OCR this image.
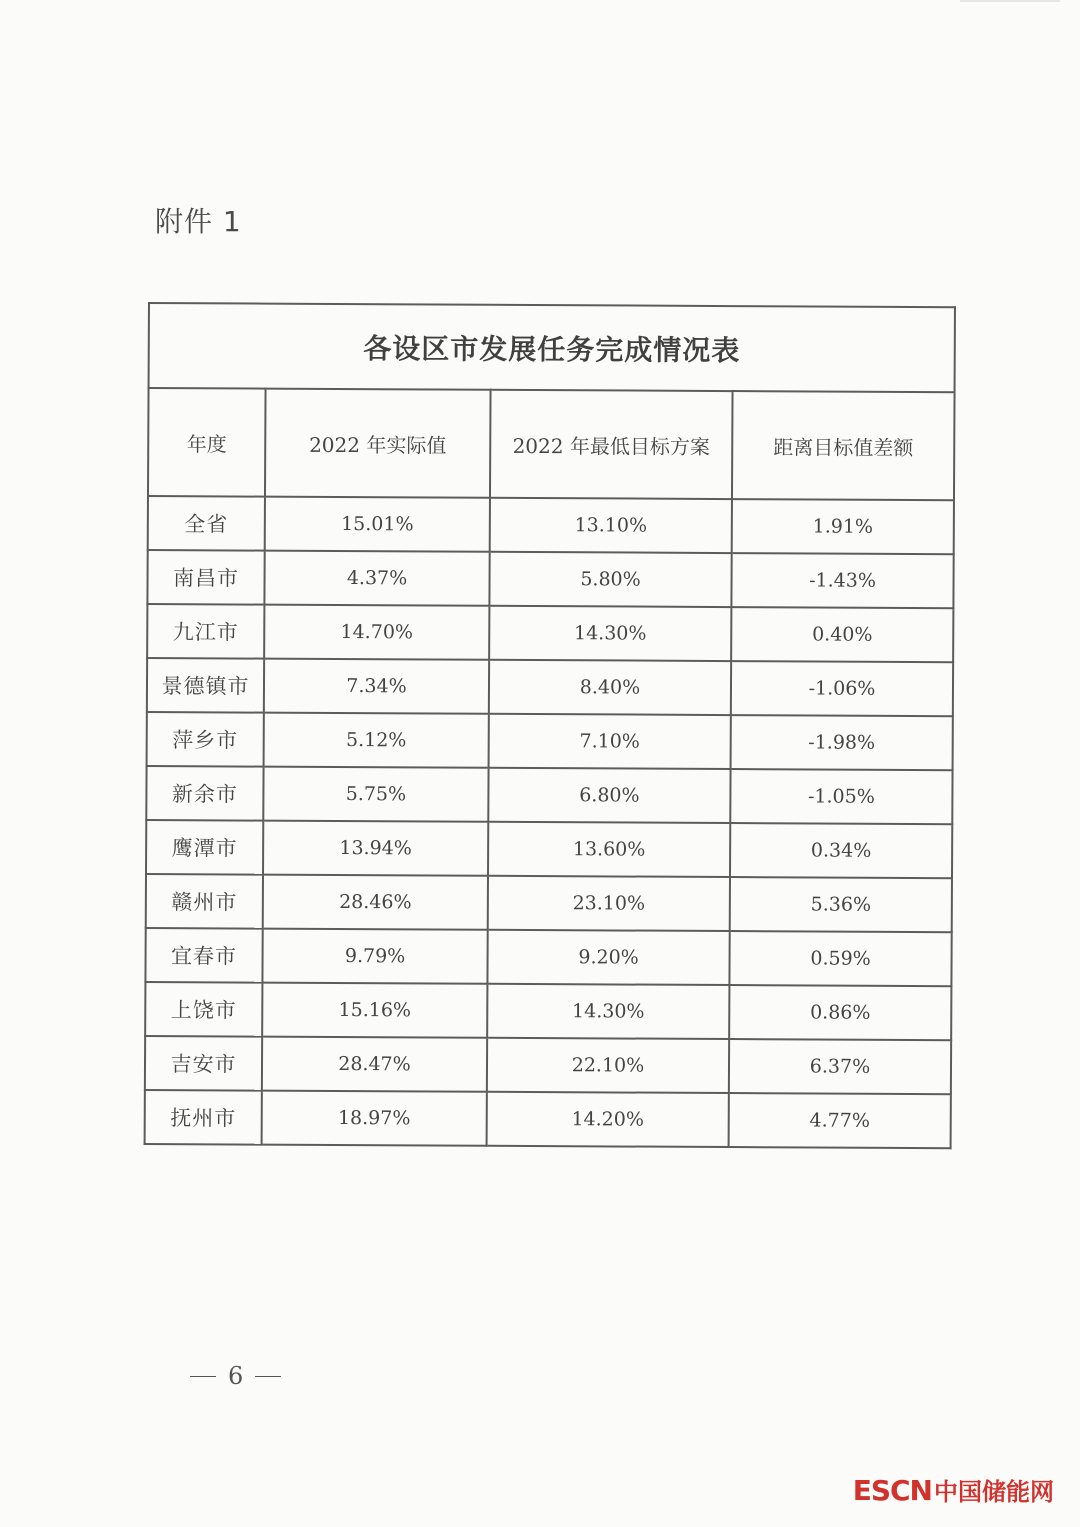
附件 1
各设区市发展任务完成情况表			
年度	2022 年实际值	2022 年最低目标方案	距离目标值差额
全省	15.01%	13.10%	1.91%
南昌市	4.37%	5.80%	-1.43%
九江市	14.70%	14.30%	0.40%
景德镇市	7.34%	8.40%	-1.06%
萍乡市	5.12%	7.10%	-1.98%
新余市	5.75%	6.80%	-1.05%
鹰潭市	13.94%	13.60%	0.34%
赣州市	28.46%	23.10%	5.36%
宜春市	9.79%	9.20%	0.59%
上饶市	15.16%	14.30%	0.86%
吉安市	28.47%	22.10%	6.37%
抚州市	18.97%	14.20%	4.77%
6
ESCN 中国储能网
